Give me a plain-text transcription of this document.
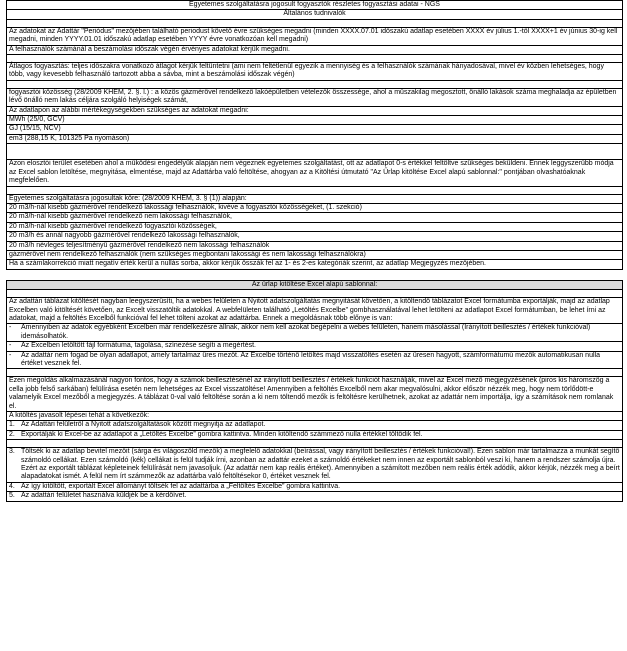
Egyetemes szolgáltatásra jogosult fogyasztók részletes fogyasztási adatai - NGS
Általános tudnivalók
Az adatokat az Adattár "Periódus" mezőjében található periodust követő évre szükséges megadni (minden XXXX.07.01 időszakú adatlap esetében XXXX év július 1.-től XXXX+1 év június 30-ig kell megadni, minden YYYY.01.01 időszakú adatlap esetében YYYY évre vonatkozóan kell megadni)
A felhasználók számánál a beszámolási időszak végén érvényes adatokat kérjük megadni.
Átlagos fogyasztás: teljes időszakra vonatkozó átlagot kérjük feltüntetni (ami nem feltétlenül egyezik a mennyiség és a felhasználók számának hányadosával, mivel év közben lehetséges, hogy több, vagy kevesebb felhasználó tartozott abba a sávba, mint a beszámolási időszak végén)
fogyasztói közösség (28/2009 KHEM, 2. §. l.) : a közös gázmérővel rendelkező lakóépületben vételezők összessége, ahol a műszakilag megosztott, önálló lakások száma meghaladja az épületben lévő önálló nem lakás céljára szolgáló helyiségek számát,
Az adatlapon az alábbi mértékegységekben szükséges az adatokat megadni:
MWh (25/0, GCV)
GJ (15/15, NCV)
em3 (288,15 K, 101325 Pa nyomáson)
Azon elosztói terület esetében ahol a működési engedélyük alapján nem végeznek egyetemes szolgáltatást, ott az adatlapot 0-s értékkel feltöltve szükséges beküldeni. Ennek leggyszerűbb módja az Excel sablon letöltése, megnyitása, elmentése, majd az Adattárba való feltöltése, ahogyan az a Kitöltési útmutató "Az Űrlap kitöltése Excel alapú sablonnal:" pontjában olvashatóaknak megfelelően.
Egyetemes szolgáltatásra jogosultak köre: (28/2009 KHEM, 3. § (1)) alapján:
20 m3/h-nál kisebb gázmérővel rendelkező lakossági felhasználók, kivéve a fogyasztói közösségeket, (1. szekció)
20 m3/h-nál kisebb gázmérővel rendelkező nem lakossági felhasználók,
20 m3/h-nál kisebb gázmérővel rendelkező fogyasztói közösségek,
20 m3/h és annál nagyobb gázmérővel rendelkező lakossági felhasználók,
20 m3/h névleges teljesítményű gázmérővel rendelkező nem lakossági felhasználók
gázmérővel nem rendelkező felhasználók (nem szükséges megbontani lakossági és nem lakossági felhasználókra)
Ha a számlakorrekció miatt negatív érték kerül a nullás sorba, akkor kérjük összák fel az 1- és 2-es kategóriák szerint, az adatlap Megjegyzés mezőjében.
Az űrlap kitöltése Excel alapú sablonnal:
Az adattári táblázat kitöltését nagyban leegyszerűsíti, ha a webes felületen a Nyitott adatszolgáltatás megnyitását követően, a kitöltendő táblázatot Excel formátumba exportálják, majd az adatlap Excelben való kitöltését követően, az Excelt visszatöltik adatokkal. A webfelületen található „Letöltés Excelbe” gombhasználatával lehet letölteni az adatlapot Excel formátumban, be lehet írni az adatokat, majd a feltöltés Excelből funkcióval fel lehet tölteni azokat az adattárba. Ennek a megoldásnak több előnye is van:
-	Amennyiben az adatok egyébként Excelben már rendelkezésre állnak, akkor nem kell azokat begépelni a webes felületen, hanem másolással (Irányított beillesztés / értékek funkcióval) idemásolhatók.
-	Az Excelben letöltött fájl formátuma, tagolása, színezése segíti a megértést.
-	Az adattár nem fogad be olyan adatlapot, amely tartalmaz üres mezőt. Az Excelbe történő letöltés majd visszatöltés esetén az üresen hagyott, számformátumú mezők automatikusan nulla értéket vesznek fel.
Ezen megoldás alkalmazásánál nagyon fontos, hogy a számok beillesztésénél az irányított beillesztés / értékek funkciót használják, mivel az Excel mező megjegyzésének (piros kis háromszög a cella jobb felső sarkában) felülírása esetén nem lehetséges az Excel visszatöltése! Amennyiben a feltöltés Excelből nem akar megvalósulni, akkor először nézzék meg, hogy nem törlődött-e valamelyik Excel mezőből a megjegyzés. A táblázat 0-val való feltöltése során a ki nem töltendő mezők is feltöltésre kerülhetnek, azokat az adattár nem importálja, így a számítások nem romlanak el.
A kitöltés javasolt lépései tehát a következők:
1. Az Adattári felületről a Nyitott adatszolgáltatások között megnyitja az adatlapot.
2. Exportálják ki Excel-be az adatlapot a „Letöltés Excelbe” gombra kattintva. Minden kitöltendő számmező nulla értékkel töltődik fel.
3. Töltsék ki az adatlap bevitel mezőit (sárga és világoszöld mezők) a megfelelő adatokkal (beírással, vagy irányított beillesztés / értékek funkcióval!). Ezen sablon már tartalmazza a munkát segítő számoldó cellákat. Ezen számoldó (kék) cellákat is felül tudják írni, azonban az adattár ezeket a számoldó értékeket nem innen az exportált sablonból veszi ki, hanem a rendszer számolja újra. Ezért az exportált táblázat képleteinek felülírását nem javasoljuk. (Az adattár nem kap reális értéket). Amennyiben a számított mezőben nem reális érték adódik, akkor kérjük, nézzék meg a beírt alapadatokat ismét. A felül nem írt számmezők az adattárba való feltöltésekor 0, értéket vesznek fel.
4. Az így kitöltött, exportált Excel állományt töltsék fel az adattárba a „Feltöltés Excelbe” gombra kattintva.
5. Az adattári felületet használva küldjék be a kérdőívet.
